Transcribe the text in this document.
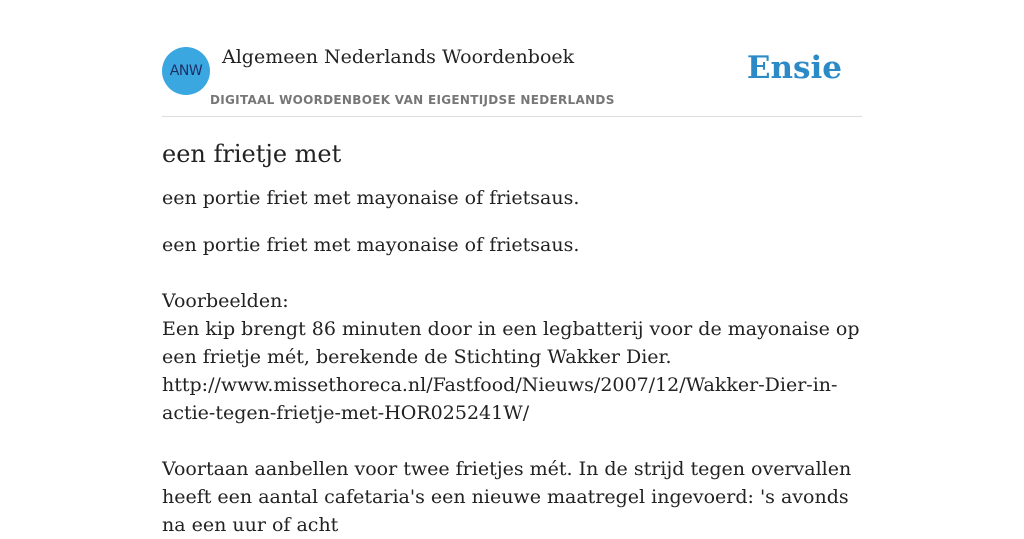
ANW
Algemeen Nederlands Woordenboek
DIGITAAL WOORDENBOEK VAN EIGENTIJDSE NEDERLANDS
Ensie
een frietje met

een portie friet met mayonaise of frietsaus.

een portie friet met mayonaise of frietsaus.
Voorbeelden:
Een kip brengt 86 minuten door in een legbatterij voor de mayonaise op een frietje mét, berekende de Stichting Wakker Dier.
http://www.missethoreca.nl/Fastfood/Nieuws/2007/12/Wakker-Dier-in-actie-tegen-frietje-met-HOR025241W/
Voortaan aanbellen voor twee frietjes mét. In de strijd tegen overvallen heeft een aantal cafetaria's een nieuwe maatregel ingevoerd: 's avonds na een uur of acht
